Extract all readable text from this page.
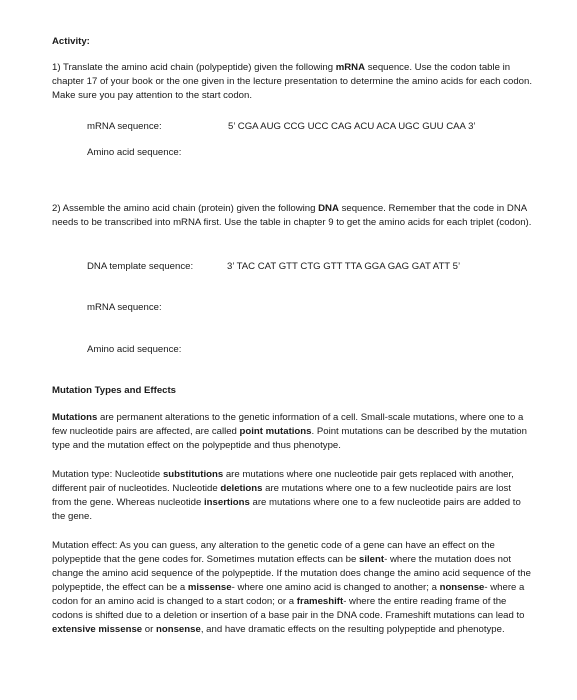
Activity:

1) Translate the amino acid chain (polypeptide) given the following mRNA sequence. Use the codon table in chapter 17 of your book or the one given in the lecture presentation to determine the amino acids for each codon. Make sure you pay attention to the start codon.

mRNA sequence:	5’ CGA AUG CCG UCC CAG ACU ACA UGC GUU CAA 3’
Amino acid sequence:

2) Assemble the amino acid chain (protein) given the following DNA sequence. Remember that the code in DNA needs to be transcribed into mRNA first. Use the table in chapter 9 to get the amino acids for each triplet (codon).

DNA template sequence:	3’ TAC CAT GTT CTG GTT TTA GGA GAG GAT ATT 5’
mRNA sequence:
Amino acid sequence:
Mutation Types and Effects

Mutations are permanent alterations to the genetic information of a cell. Small-scale mutations, where one to a few nucleotide pairs are affected, are called point mutations. Point mutations can be described by the mutation type and the mutation effect on the polypeptide and thus phenotype.

Mutation type: Nucleotide substitutions are mutations where one nucleotide pair gets replaced with another, different pair of nucleotides. Nucleotide deletions are mutations where one to a few nucleotide pairs are lost from the gene. Whereas nucleotide insertions are mutations where one to a few nucleotide pairs are added to the gene.

Mutation effect: As you can guess, any alteration to the genetic code of a gene can have an effect on the polypeptide that the gene codes for. Sometimes mutation effects can be silent- where the mutation does not change the amino acid sequence of the polypeptide. If the mutation does change the amino acid sequence of the polypeptide, the effect can be a missense- where one amino acid is changed to another; a nonsense- where a codon for an amino acid is changed to a start codon; or a frameshift- where the entire reading frame of the codons is shifted due to a deletion or insertion of a base pair in the DNA code. Frameshift mutations can lead to extensive missense or nonsense, and have dramatic effects on the resulting polypeptide and phenotype.
